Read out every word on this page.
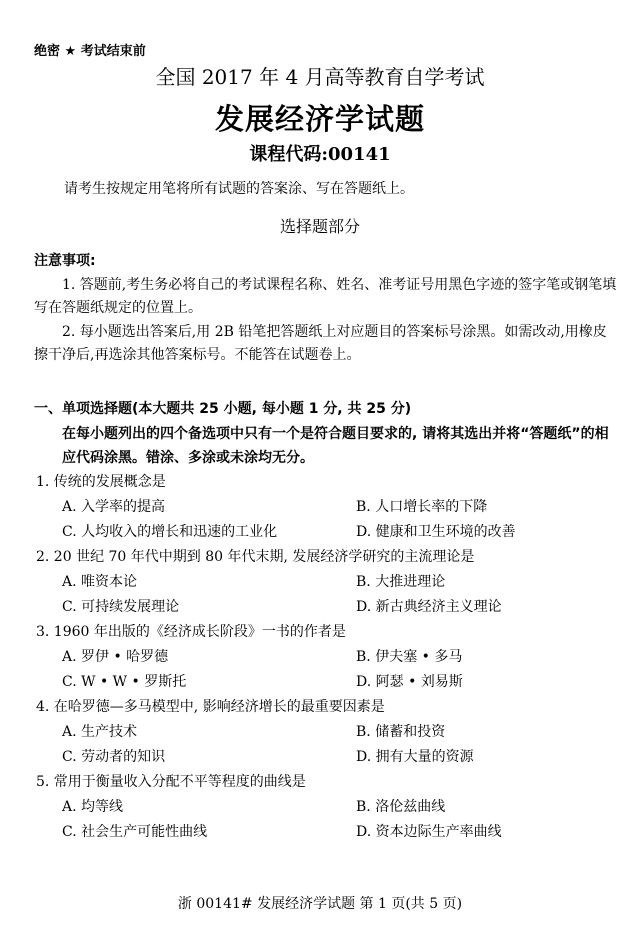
绝密 ★ 考试结束前
全国 2017 年 4 月高等教育自学考试
发展经济学试题
课程代码:00141
请考生按规定用笔将所有试题的答案涂、写在答题纸上。
选择题部分
注意事项:
1. 答题前,考生务必将自己的考试课程名称、姓名、准考证号用黑色字迹的签字笔或钢笔填写在答题纸规定的位置上。
2. 每小题选出答案后,用 2B 铅笔把答题纸上对应题目的答案标号涂黑。如需改动,用橡皮擦干净后,再选涂其他答案标号。不能答在试题卷上。
一、单项选择题(本大题共 25 小题, 每小题 1 分, 共 25 分)
在每小题列出的四个备选项中只有一个是符合题目要求的, 请将其选出并将“答题纸”的相应代码涂黑。错涂、多涂或未涂均无分。
1. 传统的发展概念是
A. 入学率的提高	B. 人口增长率的下降
C. 人均收入的增长和迅速的工业化	D. 健康和卫生环境的改善
2. 20 世纪 70 年代中期到 80 年代末期, 发展经济学研究的主流理论是
A. 唯资本论	B. 大推进理论
C. 可持续发展理论	D. 新古典经济主义理论
3. 1960 年出版的《经济成长阶段》一书的作者是
A. 罗伊 • 哈罗德	B. 伊夫塞 • 多马
C. W • W • 罗斯托	D. 阿瑟 • 刘易斯
4. 在哈罗德—多马模型中, 影响经济增长的最重要因素是
A. 生产技术	B. 储蓄和投资
C. 劳动者的知识	D. 拥有大量的资源
5. 常用于衡量收入分配不平等程度的曲线是
A. 均等线	B. 洛伦兹曲线
C. 社会生产可能性曲线	D. 资本边际生产率曲线
浙 00141# 发展经济学试题 第 1 页(共 5 页)
